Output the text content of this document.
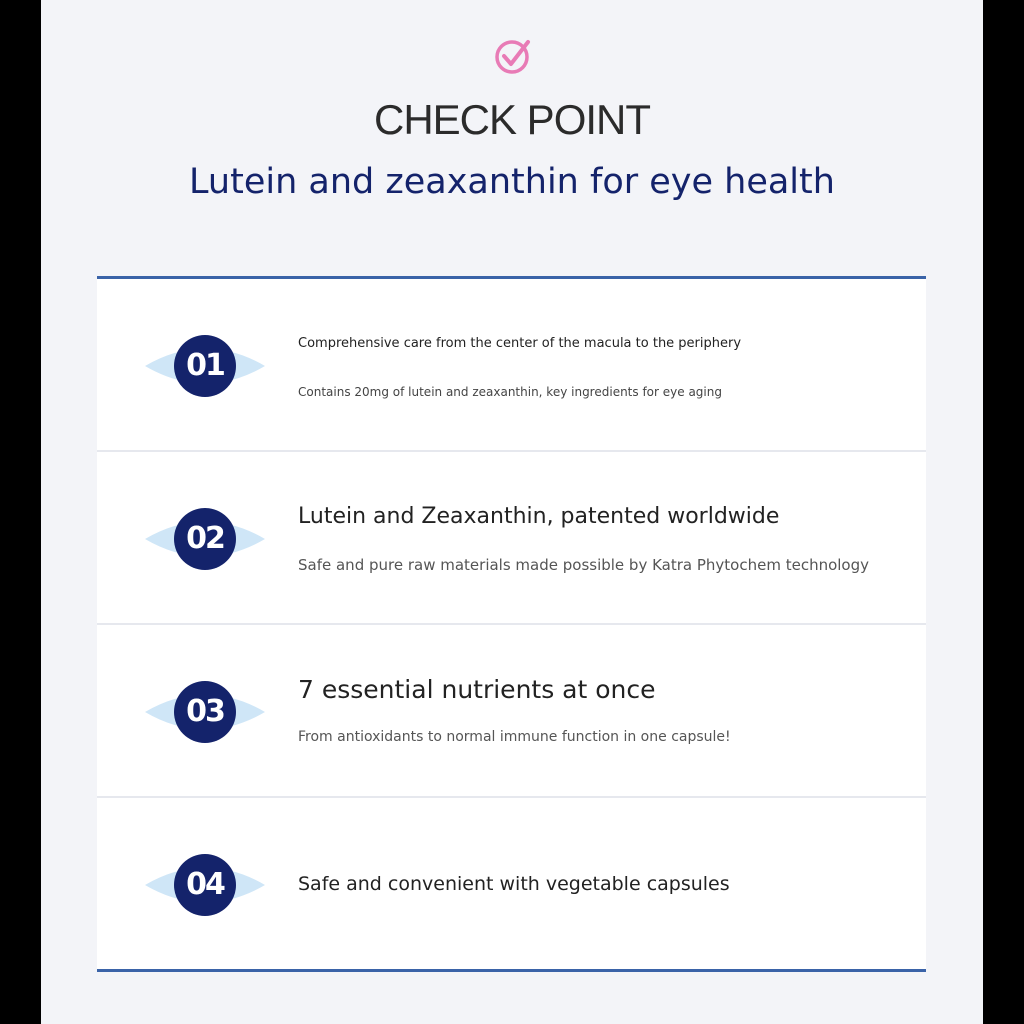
CHECK POINT
Lutein and zeaxanthin for eye health
01
Comprehensive care from the center of the macula to the periphery
Contains 20mg of lutein and zeaxanthin, key ingredients for eye aging
02
Lutein and Zeaxanthin, patented worldwide
Safe and pure raw materials made possible by Katra Phytochem technology
03
7 essential nutrients at once
From antioxidants to normal immune function in one capsule!
04	Safe and convenient with vegetable capsules
